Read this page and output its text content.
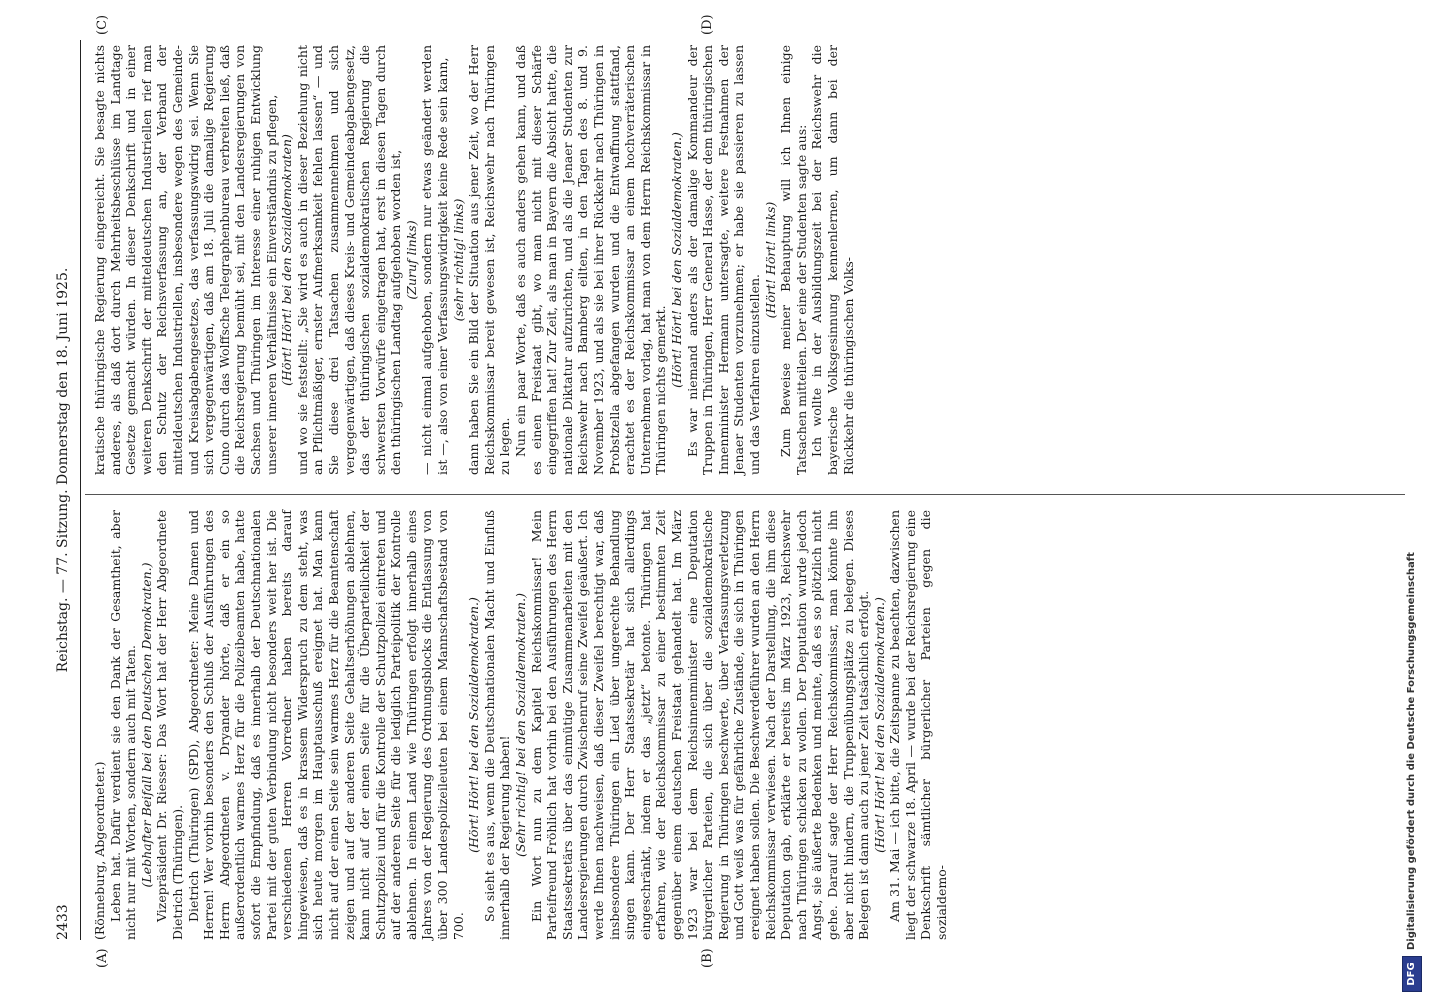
2433
Reichstag. — 77. Sitzung. Donnerstag den 18. Juni 1925.
(A)	(B)
(C)	(D)

(Rönneburg, Abgeordneter.) Leben hat. Dafür verdient sie den Dank der Gesamtheit, aber nicht nur mit Worten, sondern auch mit Taten. (Lebhafter Beifall bei den Deutschen Demokraten.) Vizepräsident Dr. Riesser: Das Wort hat der Herr Abgeordnete Dietrich (Thüringen). Dietrich (Thüringen) (SPD), Abgeordneter: Meine Damen und Herren! Wer vorhin besonders den Schluß der Ausführungen des Herrn Abgeordneten v. Dryander hörte, daß er ein so außerordentlich warmes Herz für die Polizeibeamten habe, hatte sofort die Empfindung, daß es innerhalb der Deutschnationalen Partei mit der guten Verbindung nicht besonders weit her ist. Die verschiedenen Herren Vorredner haben bereits darauf hingewiesen, daß es in krassem Widerspruch zu dem steht, was sich heute morgen im Hauptausschuß ereignet hat. Man kann nicht auf der einen Seite sein warmes Herz für die Beamtenschaft zeigen und auf der anderen Seite Gehaltserhöhungen ablehnen, kann nicht auf der einen Seite für die Überparteilichkeit der Schutzpolizei und für die Kontrolle der Schutzpolizei eintreten und auf der anderen Seite für die lediglich Parteipolitik der Kontrolle ablehnen. In einem Land wie Thüringen erfolgt innerhalb eines Jahres von der Regierung des Ordnungsblocks die Entlassung von über 300 Landespolizeileuten bei einem Mannschaftsbestand von 700.

(Hört! Hört! bei den Sozialdemokraten.) So sieht es aus, wenn die Deutschnationalen Macht und Einfluß innerhalb der Regierung haben! (Sehr richtig! bei den Sozialdemokraten.) Ein Wort nun zu dem Kapitel Reichskommissar! Mein Parteifreund Fröhlich hat vorhin bei den Ausführungen des Herrn Staatssekretärs über das einmütige Zusammenarbeiten mit den Landesregierungen durch Zwischenruf seine Zweifel geäußert. Ich werde Ihnen nachweisen, daß dieser Zweifel berechtigt war, daß insbesondere Thüringen ein Lied über ungerechte Behandlung singen kann. Der Herr Staatssekretär hat sich allerdings eingeschränkt, indem er das „jetzt“ betonte. Thüringen hat erfahren, wie der Reichskommissar zu einer bestimmten Zeit gegenüber einem deutschen Freistaat gehandelt hat. Im März 1923 war bei dem Reichsinnenminister eine Deputation bürgerlicher Parteien, die sich über die sozialdemokratische Regierung in Thüringen beschwerte, über Verfassungsverletzung und Gott weiß was für gefährliche Zustände, die sich in Thüringen ereignet haben sollen. Die Beschwerdeführer wurden an den Herrn Reichskommissar verwiesen. Nach der Darstellung, die ihm diese Deputation gab, erklärte er bereits im März 1923, Reichswehr nach Thüringen schicken zu wollen. Der Deputation wurde jedoch Angst, sie äußerte Bedenken und meinte, daß es so plötzlich nicht gehe. Darauf sagte der Herr Reichskommissar, man könnte ihn aber nicht hindern, die Truppenübungsplätze zu belegen. Dieses Belegen ist dann auch zu jener Zeit tatsächlich erfolgt. (Hört! Hört! bei den Sozialdemokraten.) Am 31. Mai — ich bitte, die Zeitspanne zu beachten, dazwischen liegt der schwarze 18. April — wurde bei der Reichsregierung eine Denkschrift sämtlicher bürgerlicher Parteien gegen die sozialdemo-

kratische thüringische Regierung eingereicht. Sie besagte nichts anderes, als daß dort durch Mehrheitsbeschlüsse im Landtage Gesetze gemacht würden. In dieser Denkschrift und in einer weiteren Denkschrift der mitteldeutschen Industriellen rief man den Schutz der Reichsverfassung an, der Verband der mitteldeutschen Industriellen, insbesondere wegen des Gemeinde- und Kreisabgabengesetzes, das verfassungswidrig sei. Wenn Sie sich vergegenwärtigen, daß am 18. Juli die damalige Regierung Cuno durch das Wolffsche Telegraphenbureau verbreiten ließ, daß die Reichsregierung bemüht sei, mit den Landesregierungen von Sachsen und Thüringen im Interesse einer ruhigen Entwicklung unserer inneren Verhältnisse ein Einverständnis zu pflegen, (Hört! Hört! bei den Sozialdemokraten) und wo sie feststellt: „Sie wird es auch in dieser Beziehung nicht an Pflichtmäßiger, ernster Aufmerksamkeit fehlen lassen“ — und Sie diese drei Tatsachen zusammennehmen und sich vergegenwärtigen, daß dieses Kreis- und Gemeindeabgabengesetz, das der thüringischen sozialdemokratischen Regierung die schwersten Vorwürfe eingetragen hat, erst in diesen Tagen durch den thüringischen Landtag aufgehoben worden ist, (Zuruf links) — nicht einmal aufgehoben, sondern nur etwas geändert werden ist —, also von einer Verfassungswidrigkeit keine Rede sein kann, (sehr richtig! links) dann haben Sie ein Bild der Situation aus jener Zeit, wo der Herr Reichskommissar bereit gewesen ist, Reichswehr nach Thüringen zu legen. Nun ein paar Worte, daß es auch anders gehen kann, und daß es einen Freistaat gibt, wo man nicht mit dieser Schärfe eingegriffen hat! Zur Zeit, als man in Bayern die Absicht hatte, die nationale Diktatur aufzurichten, und als die Jenaer Studenten zur Reichswehr nach Bamberg eilten, in den Tagen des 8. und 9. November 1923, und als sie bei ihrer Rückkehr nach Thüringen in Probstzella abgefangen wurden und die Entwaffnung stattfand, erachtet es der Reichskommissar an einem hochverräterischen Unternehmen vorlag, hat man von dem Herrn Reichskommissar in Thüringen nichts gemerkt.

(Hört! Hört! bei den Sozialdemokraten.) Es war niemand anders als der damalige Kommandeur der Truppen in Thüringen, Herr General Hasse, der dem thüringischen Innenminister Hermann untersagte, weitere Festnahmen der Jenaer Studenten vorzunehmen; er habe sie passieren zu lassen und das Verfahren einzustellen.

(Hört! Hört! links) Zum Beweise meiner Behauptung will ich Ihnen einige Tatsachen mitteilen. Der eine der Studenten sagte aus: Ich wollte in der Ausbildungszeit bei der Reichswehr die bayerische Volksgesinnung kennenlernen, um dann bei der Rückkehr die thüringischen Volks-

DFG
Digitalisierung gefördert durch die Deutsche Forschungsgemeinschaft
